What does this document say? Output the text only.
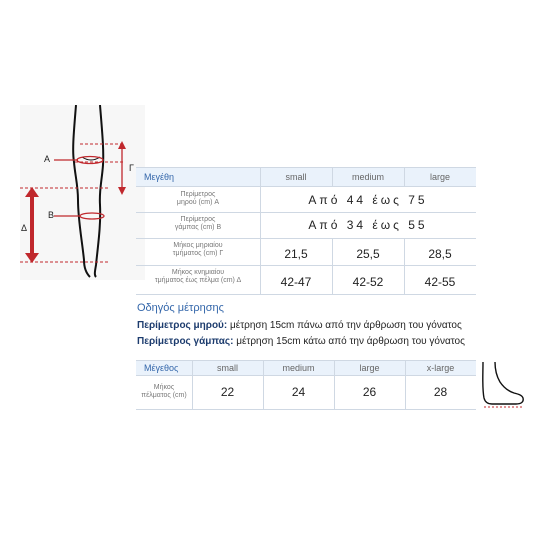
A
B
Γ
Δ
Μεγέθη	small	medium	large
Περίμετρος
μηρού (cm) A	Από 44 έως 75
Περίμετρος
γάμπας (cm) B	Από 34 έως 55
Μήκος μηριαίου
τμήματος (cm) Γ	21,5	25,5	28,5
Μήκος κνημιαίου
τμήματος έως πέλμα (cm) Δ	42-47	42-52	42-55
Οδηγός μέτρησης
Περίμετρος μηρού: μέτρηση 15cm πάνω από την άρθρωση του γόνατος
Περίμετρος γάμπας: μέτρηση 15cm κάτω από την άρθρωση του γόνατος
Μέγεθος	small	medium	large	x-large
Μήκος
πέλματος (cm)	22	24	26	28
